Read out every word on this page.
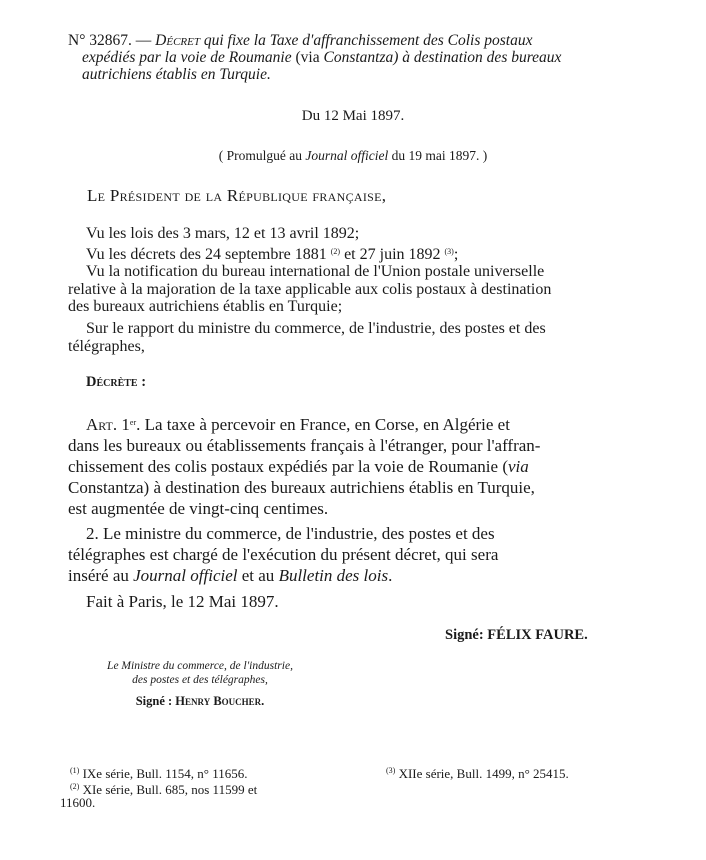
N° 32867. — Décret qui fixe la Taxe d'affranchissement des Colis postaux
expédiés par la voie de Roumanie (via Constantza) à destination des bureaux
autrichiens établis en Turquie.
Du 12 Mai 1897.
( Promulgué au Journal officiel du 19 mai 1897. )
Le Président de la République française,
Vu les lois des 3 mars, 12 et 13 avril 1892;
Vu les décrets des 24 septembre 1881 $^{(2)}$ et 27 juin 1892 $^{(3)}$;
Vu la notification du bureau international de l'Union postale universelle
relative à la majoration de la taxe applicable aux colis postaux à destination
des bureaux autrichiens établis en Turquie;
Sur le rapport du ministre du commerce, de l'industrie, des postes et des
télégraphes,
Décrète :
Art. 1er. La taxe à percevoir en France, en Corse, en Algérie et
dans les bureaux ou établissements français à l'étranger, pour l'affran-
chissement des colis postaux expédiés par la voie de Roumanie (via
Constantza) à destination des bureaux autrichiens établis en Turquie,
est augmentée de vingt-cinq centimes.
2. Le ministre du commerce, de l'industrie, des postes et des
télégraphes est chargé de l'exécution du présent décret, qui sera
inséré au Journal officiel et au Bulletin des lois.
Fait à Paris, le 12 Mai 1897.
Signé: FÉLIX FAURE.
Le Ministre du commerce, de l'industrie,
des postes et des télégraphes,
Signé : Henry Boucher.
$^{(1)}$ IXe série, Bull. 1154, n° 11656.
$^{(2)}$ XIe série, Bull. 685, nos 11599 et
11600.
$^{(3)}$ XIIe série, Bull. 1499, n° 25415.
